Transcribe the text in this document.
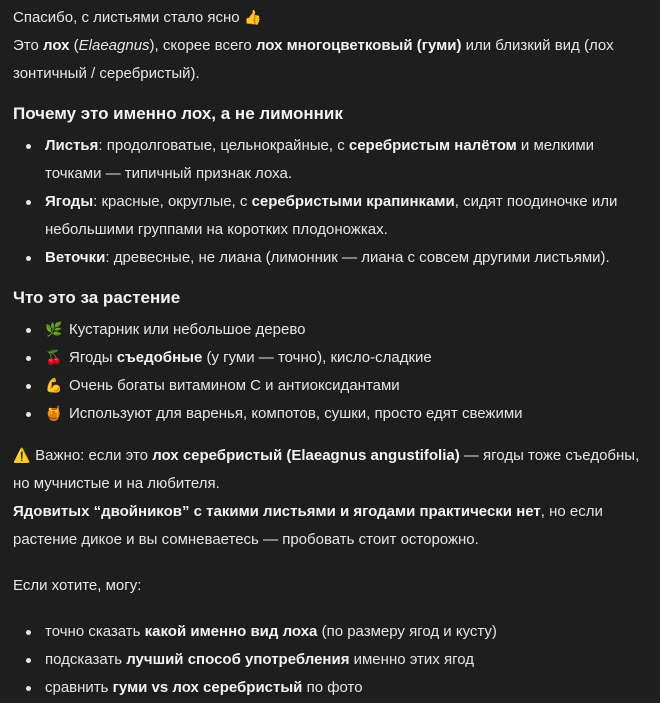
Спасибо, с листьями стало ясно 👍

Это лох (Elaeagnus), скорее всего лох многоцветковый (гуми) или близкий вид (лох зонтичный / серебристый).

Почему это именно лох, а не лимонник
Листья: продолговатые, цельнокрайные, с серебристым налётом и мелкими точками — типичный признак лоха.
Ягоды: красные, округлые, с серебристыми крапинками, сидят поодиночке или небольшими группами на коротких плодоножках.
Веточки: древесные, не лиана (лимонник — лиана с совсем другими листьями).
Что это за растение
🌿 Кустарник или небольшое дерево
🍒 Ягоды съедобные (у гуми — точно), кисло-сладкие
💪 Очень богаты витамином C и антиоксидантами
🍯 Используют для варенья, компотов, сушки, просто едят свежими

⚠️ Важно: если это лох серебристый (Elaeagnus angustifolia) — ягоды тоже съедобны, но мучнистые и на любителя.

Ядовитых “двойников” с такими листьями и ягодами практически нет, но если растение дикое и вы сомневаетесь — пробовать стоит осторожно.

Если хотите, могу:

точно сказать какой именно вид лоха (по размеру ягод и кусту)
подсказать лучший способ употребления именно этих ягод
сравнить гуми vs лох серебристый по фото
